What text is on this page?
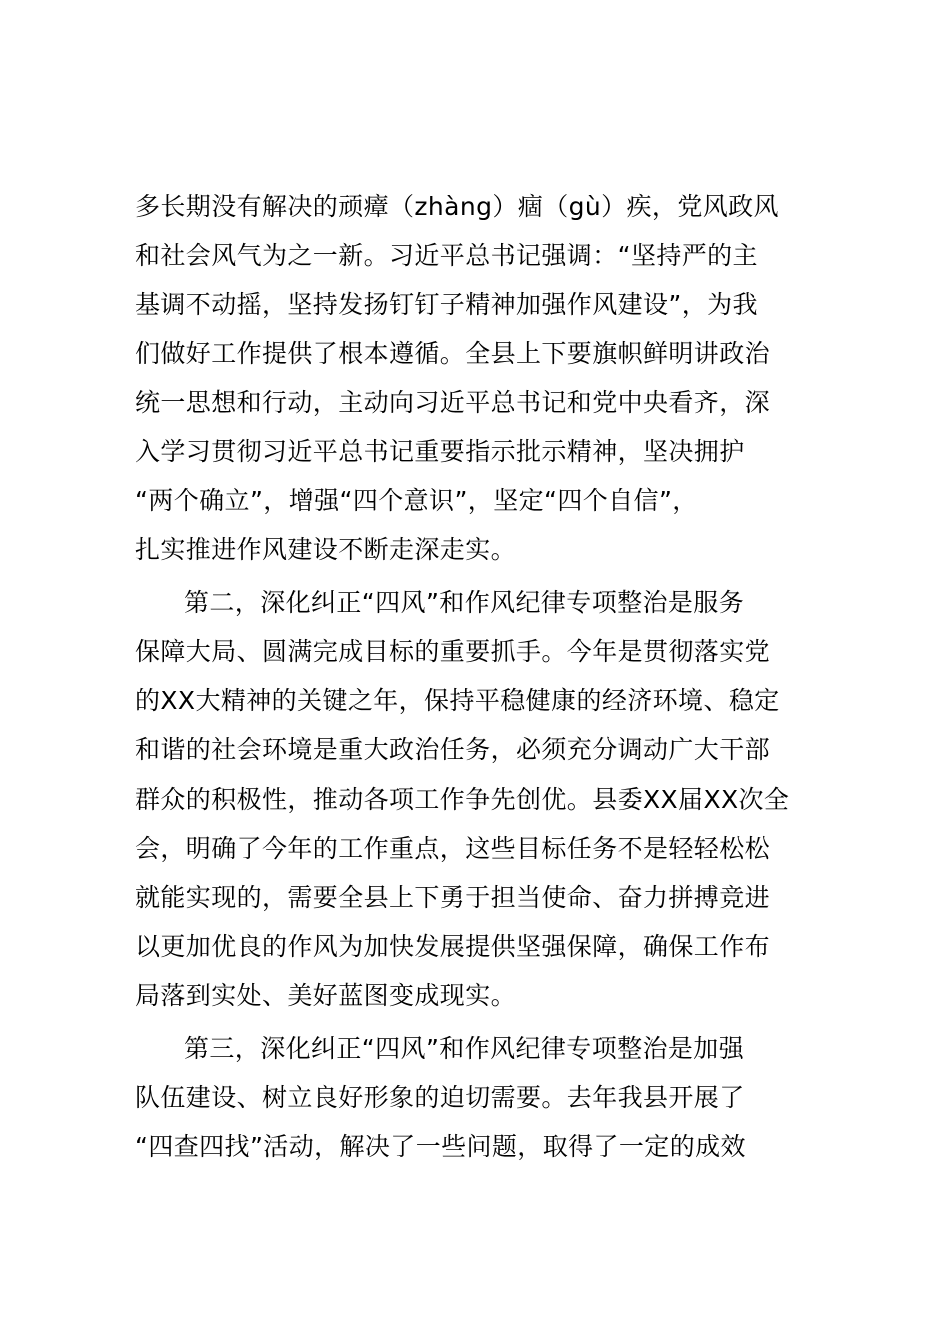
多长期没有解决的顽瘴（zhàng）痼（gù）疾，党风政风
和社会风气为之一新。习近平总书记强调：“坚持严的主
基调不动摇，坚持发扬钉钉子精神加强作风建设”，为我
们做好工作提供了根本遵循。全县上下要旗帜鲜明讲政治
统一思想和行动，主动向习近平总书记和党中央看齐，深
入学习贯彻习近平总书记重要指示批示精神，坚决拥护
“两个确立”，增强“四个意识”，坚定“四个自信”，
扎实推进作风建设不断走深走实。
第二，深化纠正“四风”和作风纪律专项整治是服务
保障大局、圆满完成目标的重要抓手。今年是贯彻落实党
的XX大精神的关键之年，保持平稳健康的经济环境、稳定
和谐的社会环境是重大政治任务，必须充分调动广大干部
群众的积极性，推动各项工作争先创优。县委XX届XX次全
会，明确了今年的工作重点，这些目标任务不是轻轻松松
就能实现的，需要全县上下勇于担当使命、奋力拼搏竞进
以更加优良的作风为加快发展提供坚强保障，确保工作布
局落到实处、美好蓝图变成现实。
第三，深化纠正“四风”和作风纪律专项整治是加强
队伍建设、树立良好形象的迫切需要。去年我县开展了
“四查四找”活动，解决了一些问题，取得了一定的成效
